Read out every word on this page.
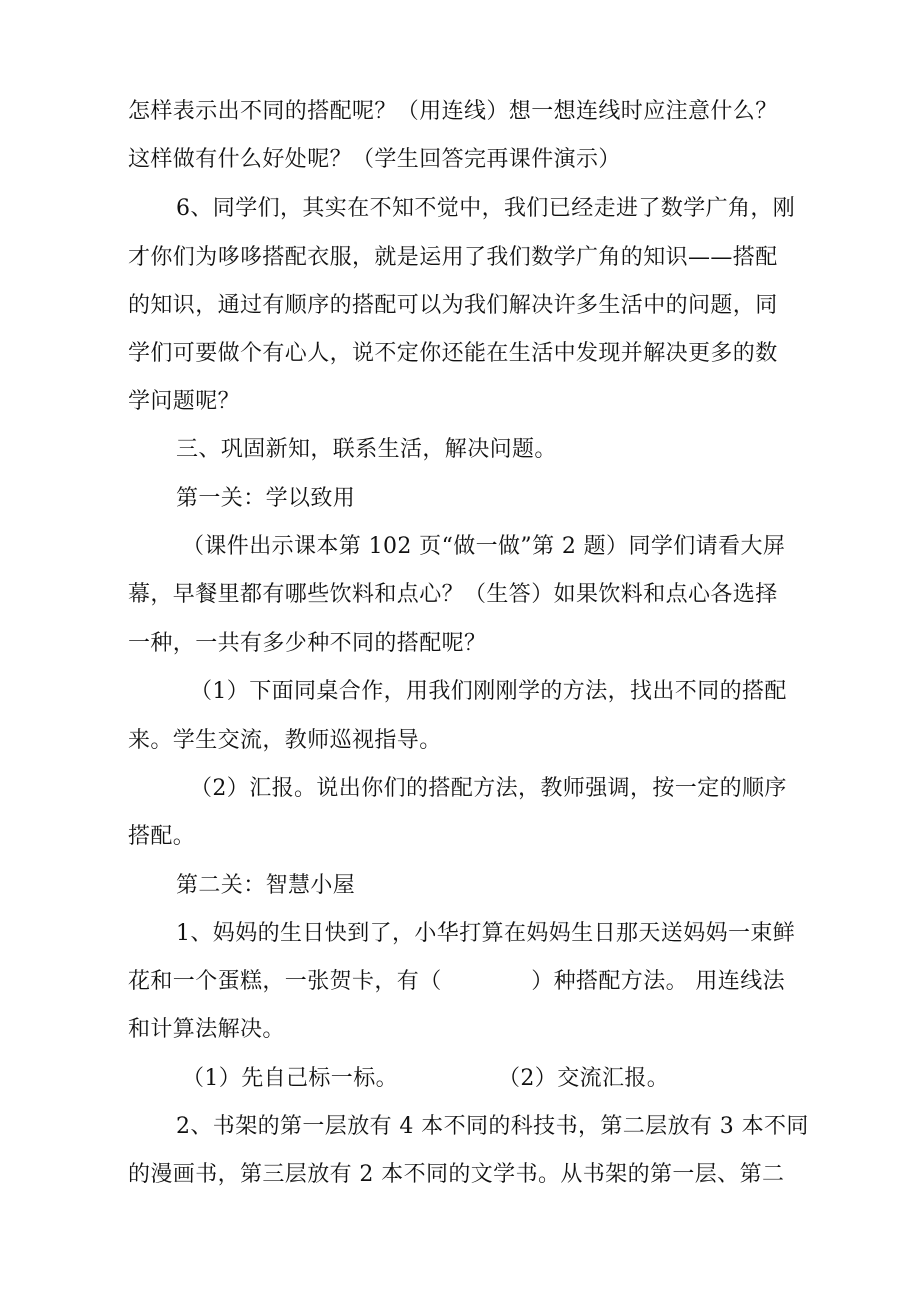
怎样表示出不同的搭配呢？（用连线）想一想连线时应注意什么？
这样做有什么好处呢？（学生回答完再课件演示）
6、同学们，其实在不知不觉中，我们已经走进了数学广角，刚
才你们为哆哆搭配衣服，就是运用了我们数学广角的知识——搭配
的知识，通过有顺序的搭配可以为我们解决许多生活中的问题，同
学们可要做个有心人，说不定你还能在生活中发现并解决更多的数
学问题呢？
三、巩固新知，联系生活，解决问题。
第一关：学以致用
（课件出示课本第 102 页“做一做”第 2 题）同学们请看大屏
幕，早餐里都有哪些饮料和点心？（生答）如果饮料和点心各选择
一种，一共有多少种不同的搭配呢？
（1）下面同桌合作，用我们刚刚学的方法，找出不同的搭配
来。学生交流，教师巡视指导。
（2）汇报。说出你们的搭配方法，教师强调，按一定的顺序
搭配。
第二关：智慧小屋
1、妈妈的生日快到了，小华打算在妈妈生日那天送妈妈一束鲜
花和一个蛋糕，一张贺卡，有（　　　　）种搭配方法。 用连线法
和计算法解决。
（1）先自己标一标。	（2）交流汇报。
2、书架的第一层放有 4 本不同的科技书，第二层放有 3 本不同
的漫画书，第三层放有 2 本不同的文学书。从书架的第一层、第二
